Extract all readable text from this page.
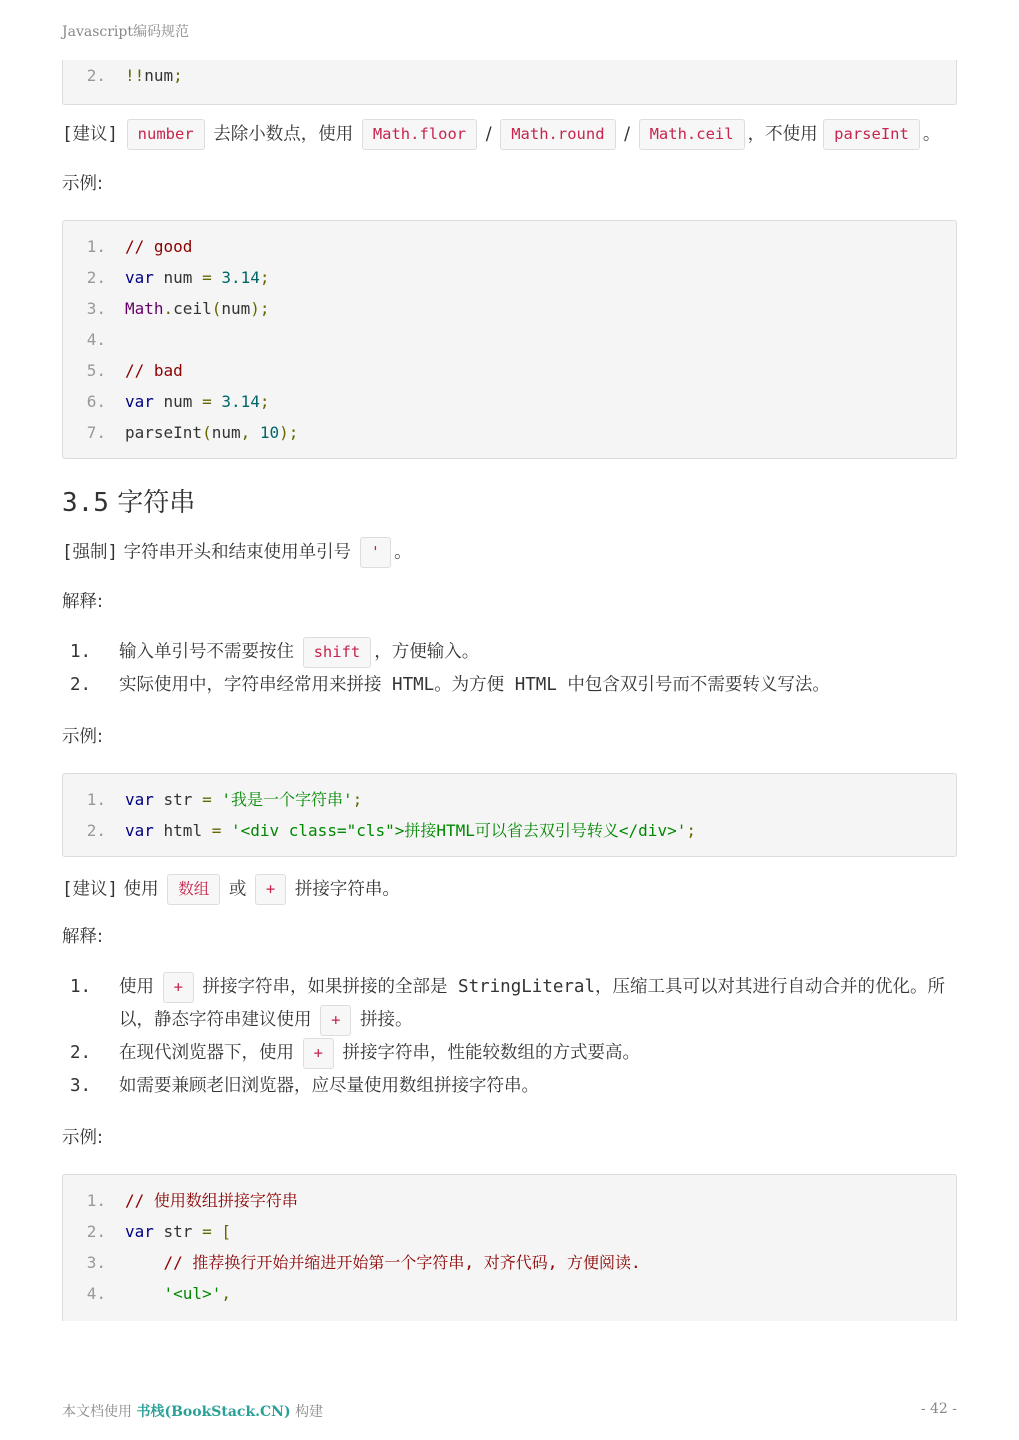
Javascript编码规范
2.	!!num;
[建议] number 去除小数点，使用 Math.floor / Math.round / Math.ceil ，不使用 parseInt 。
示例:
1.	// good
2.	var num = 3.14;
3.	Math.ceil(num);
4.
5.	// bad
6.	var num = 3.14;
7.	parseInt(num, 10);
3.5 字符串
[强制] 字符串开头和结束使用单引号 ' 。
解释:
1.	输入单引号不需要按住 shift ，方便输入。
2.	实际使用中，字符串经常用来拼接 HTML。为方便 HTML 中包含双引号而不需要转义写法。
示例:
1.	var str = '我是一个字符串';
2.	var html = '<div class="cls">拼接HTML可以省去双引号转义</div>';
[建议] 使用 数组 或 + 拼接字符串。
解释:
1.	使用 + 拼接字符串，如果拼接的全部是 StringLiteral，压缩工具可以对其进行自动合并的优化。所以，静态字符串建议使用 + 拼接。
2.	在现代浏览器下，使用 + 拼接字符串，性能较数组的方式要高。
3.	如需要兼顾老旧浏览器，应尽量使用数组拼接字符串。
示例:
1.	// 使用数组拼接字符串
2.	var str = [
3.	// 推荐换行开始并缩进开始第一个字符串, 对齐代码, 方便阅读.
4.	'<ul>',
本文档使用 书栈(BookStack.CN) 构建	- 42 -
